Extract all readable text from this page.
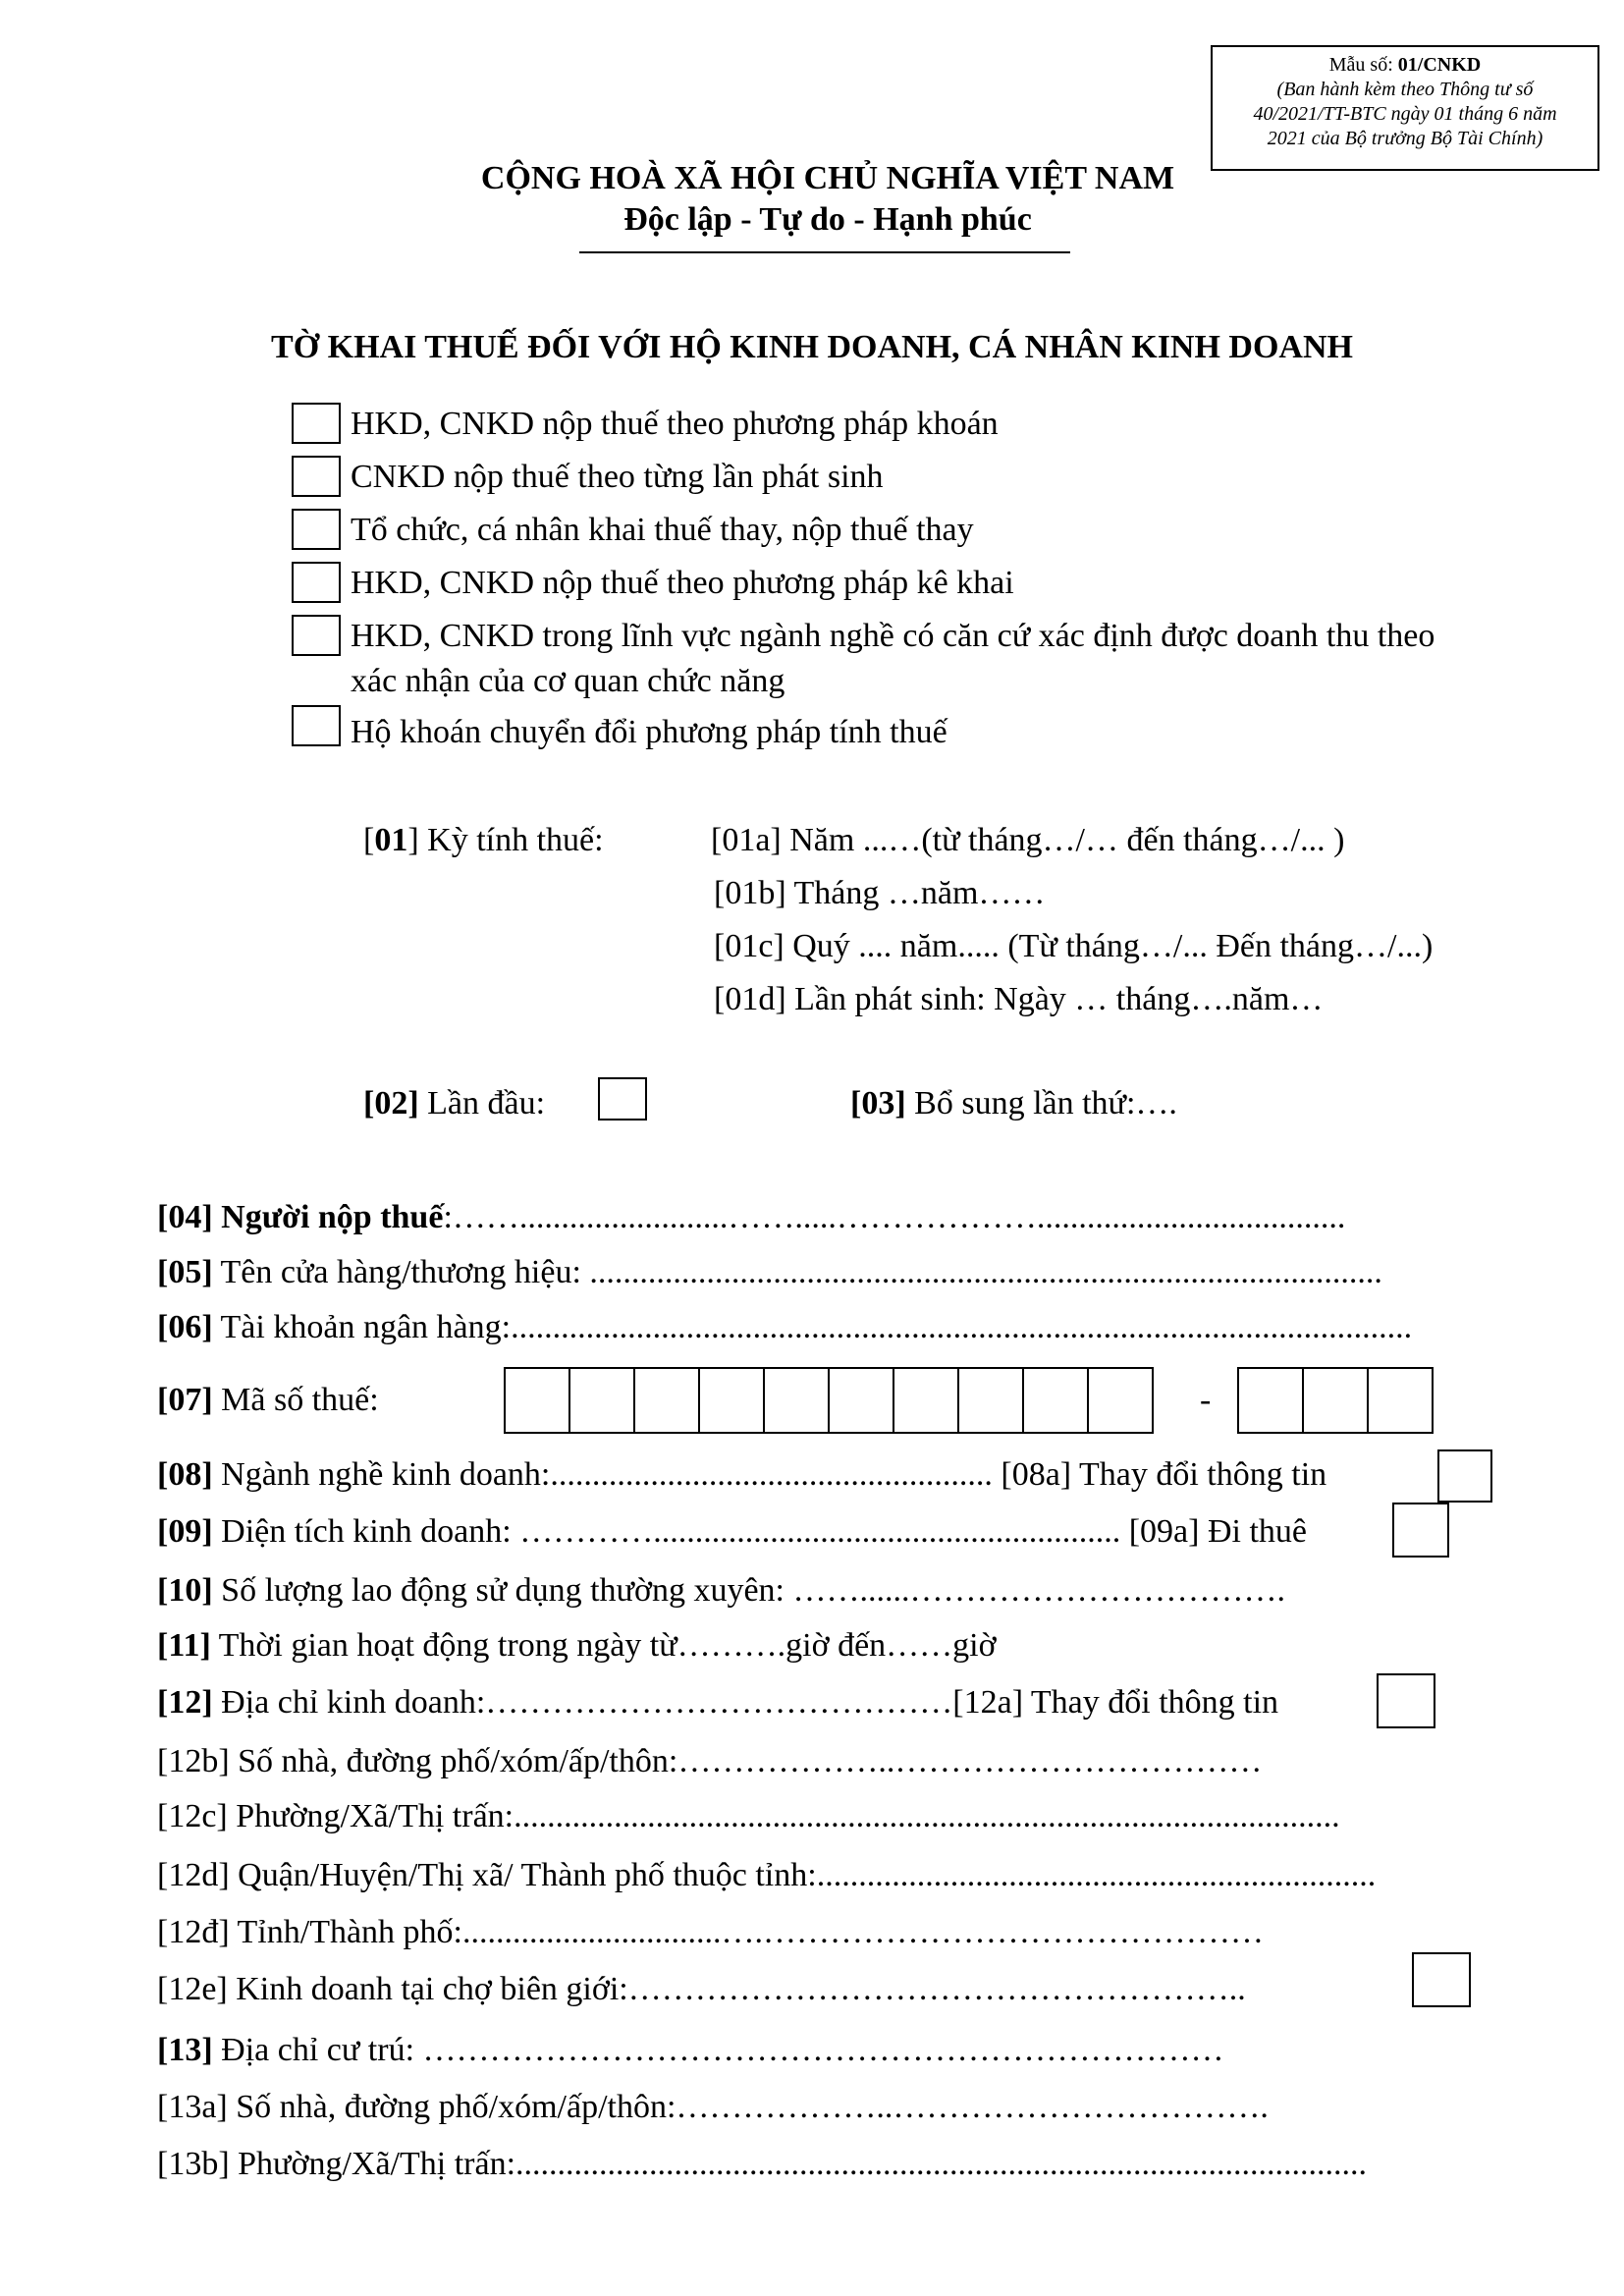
Mẫu số: 01/CNKD
(Ban hành kèm theo Thông tư số
40/2021/TT-BTC ngày 01 tháng 6 năm
2021 của Bộ trưởng Bộ Tài Chính)
CỘNG HOÀ XÃ HỘI CHỦ NGHĨA VIỆT NAM
Độc lập - Tự do - Hạnh phúc
TỜ KHAI THUẾ ĐỐI VỚI HỘ KINH DOANH, CÁ NHÂN KINH DOANH
HKD, CNKD nộp thuế theo phương pháp khoán
CNKD nộp thuế theo từng lần phát sinh
Tổ chức, cá nhân khai thuế thay, nộp thuế thay
HKD, CNKD nộp thuế theo phương pháp kê khai
HKD, CNKD trong lĩnh vực ngành nghề có căn cứ xác định được doanh thu theo
xác nhận của cơ quan chức năng
Hộ khoán chuyển đổi phương pháp tính thuế
[01] Kỳ tính thuế:	[01a] Năm ...…(từ tháng…/… đến tháng…/... )
[01b] Tháng …năm……
[01c] Quý .... năm..... (Từ tháng…/... Đến tháng…/...)
[01d] Lần phát sinh: Ngày … tháng….năm…
[02] Lần đầu:	[03] Bổ sung lần thứ:….
[04] Người nộp thuế:…….........................…….....……………….....................................
[05] Tên cửa hàng/thương hiệu: ...............................................................................................
[06] Tài khoản ngân hàng:............................................................................................................
[07] Mã số thuế:	-
[08] Ngành nghề kinh doanh:..................................................... [08a] Thay đổi thông tin
[09] Diện tích kinh doanh: …………........................................................ [09a] Đi thuê
[10] Số lượng lao động sử dụng thường xuyên: ……......…………………………….
[11] Thời gian hoạt động trong ngày từ……….giờ đến……giờ
[12] Địa chỉ kinh doanh:……………………………………[12a] Thay đổi thông tin
[12b] Số nhà, đường phố/xóm/ấp/thôn:………………..……………………………
[12c] Phường/Xã/Thị trấn:...................................................................................................
[12d] Quận/Huyện/Thị xã/ Thành phố thuộc tỉnh:...................................................................
[12đ] Tỉnh/Thành phố:...............................….………………………………………
[12e] Kinh doanh tại chợ biên giới:………………………………………………..
[13] Địa chỉ cư trú: ………………………………………………………………
[13a] Số nhà, đường phố/xóm/ấp/thôn:………………..…………………………….
[13b] Phường/Xã/Thị trấn:......................................................................................................
